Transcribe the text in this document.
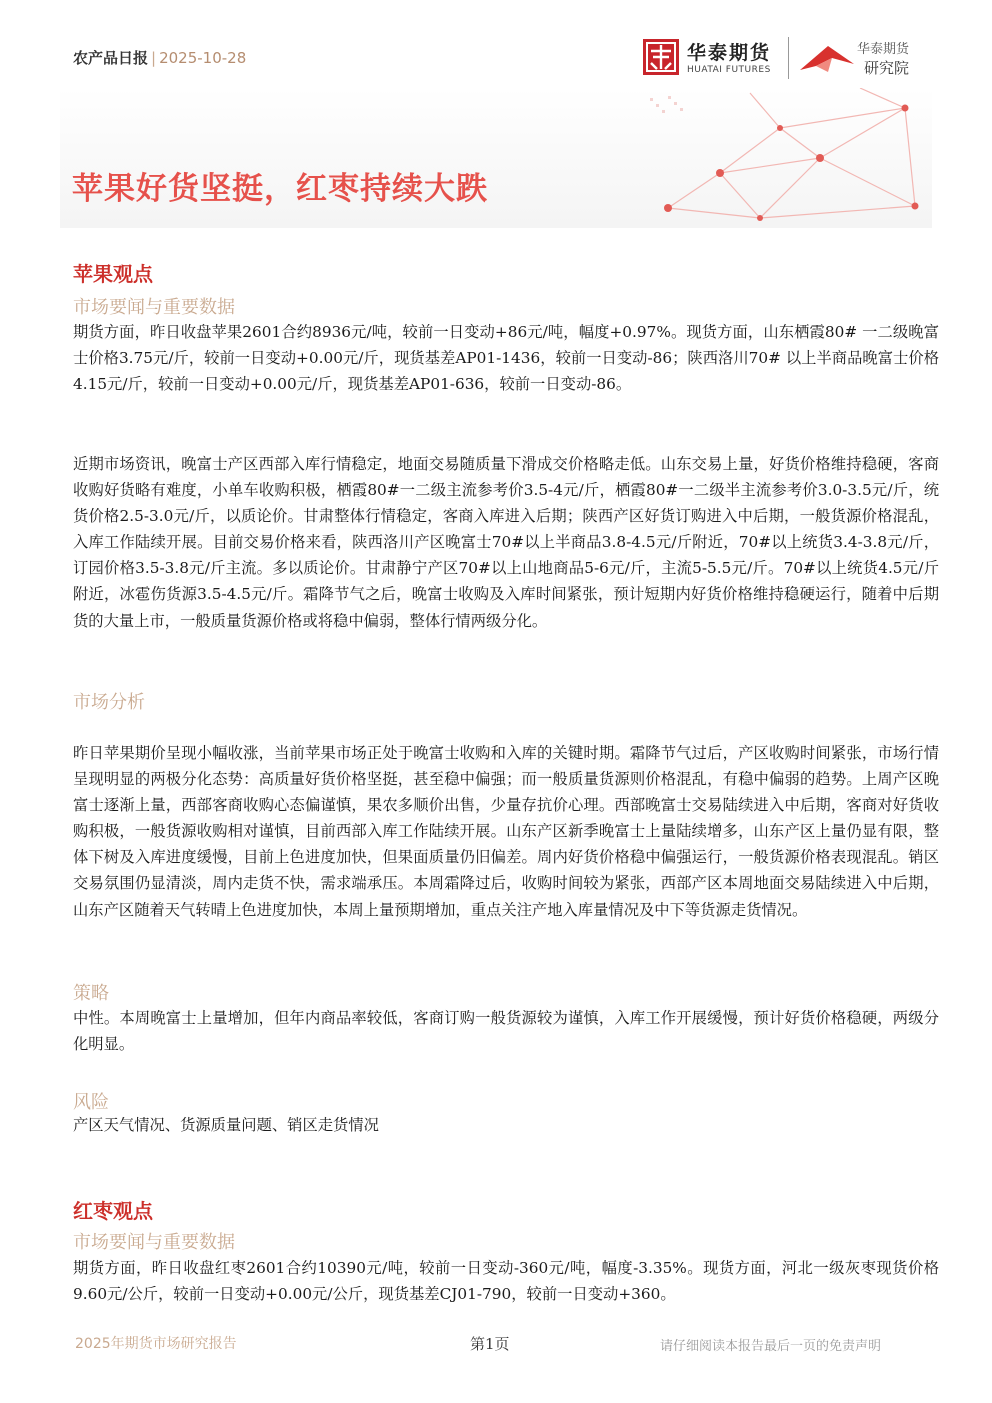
农产品日报 | 2025-10-28	华泰期货
HUATAI FUTURES
华泰期货
研究院
苹果好货坚挺，红枣持续大跌
苹果观点
市场要闻与重要数据

期货方面，昨日收盘苹果2601合约8936元/吨，较前一日变动+86元/吨，幅度+0.97%。现货方面，山东栖霞80# 一二级晚富士价格3.75元/斤，较前一日变动+0.00元/斤，现货基差AP01-1436，较前一日变动-86；陕西洛川70# 以上半商品晚富士价格4.15元/斤，较前一日变动+0.00元/斤，现货基差AP01-636，较前一日变动-86。

近期市场资讯，晚富士产区西部入库行情稳定，地面交易随质量下滑成交价格略走低。山东交易上量，好货价格维持稳硬，客商收购好货略有难度，小单车收购积极，栖霞80#一二级主流参考价3.5-4元/斤，栖霞80#一二级半主流参考价3.0-3.5元/斤，统货价格2.5-3.0元/斤，以质论价。甘肃整体行情稳定，客商入库进入后期；陕西产区好货订购进入中后期，一般货源价格混乱，入库工作陆续开展。目前交易价格来看，陕西洛川产区晚富士70#以上半商品3.8-4.5元/斤附近，70#以上统货3.4-3.8元/斤，订园价格3.5-3.8元/斤主流。多以质论价。甘肃静宁产区70#以上山地商品5-6元/斤，主流5-5.5元/斤。70#以上统货4.5元/斤附近，冰雹伤货源3.5-4.5元/斤。霜降节气之后，晚富士收购及入库时间紧张，预计短期内好货价格维持稳硬运行，随着中后期货的大量上市，一般质量货源价格或将稳中偏弱，整体行情两级分化。

市场分析

昨日苹果期价呈现小幅收涨，当前苹果市场正处于晚富士收购和入库的关键时期。霜降节气过后，产区收购时间紧张，市场行情呈现明显的两极分化态势：高质量好货价格坚挺，甚至稳中偏强；而一般质量货源则价格混乱，有稳中偏弱的趋势。上周产区晚富士逐渐上量，西部客商收购心态偏谨慎，果农多顺价出售，少量存抗价心理。西部晚富士交易陆续进入中后期，客商对好货收购积极，一般货源收购相对谨慎，目前西部入库工作陆续开展。山东产区新季晚富士上量陆续增多，山东产区上量仍显有限，整体下树及入库进度缓慢，目前上色进度加快，但果面质量仍旧偏差。周内好货价格稳中偏强运行，一般货源价格表现混乱。销区交易氛围仍显清淡，周内走货不快，需求端承压。本周霜降过后，收购时间较为紧张，西部产区本周地面交易陆续进入中后期，山东产区随着天气转晴上色进度加快，本周上量预期增加，重点关注产地入库量情况及中下等货源走货情况。

策略

中性。本周晚富士上量增加，但年内商品率较低，客商订购一般货源较为谨慎，入库工作开展缓慢，预计好货价格稳硬，两级分化明显。

风险

产区天气情况、货源质量问题、销区走货情况

红枣观点
市场要闻与重要数据

期货方面，昨日收盘红枣2601合约10390元/吨，较前一日变动-360元/吨，幅度-3.35%。现货方面，河北一级灰枣现货价格9.60元/公斤，较前一日变动+0.00元/公斤，现货基差CJ01-790，较前一日变动+360。

2025年期货市场研究报告	第1页	请仔细阅读本报告最后一页的免责声明
